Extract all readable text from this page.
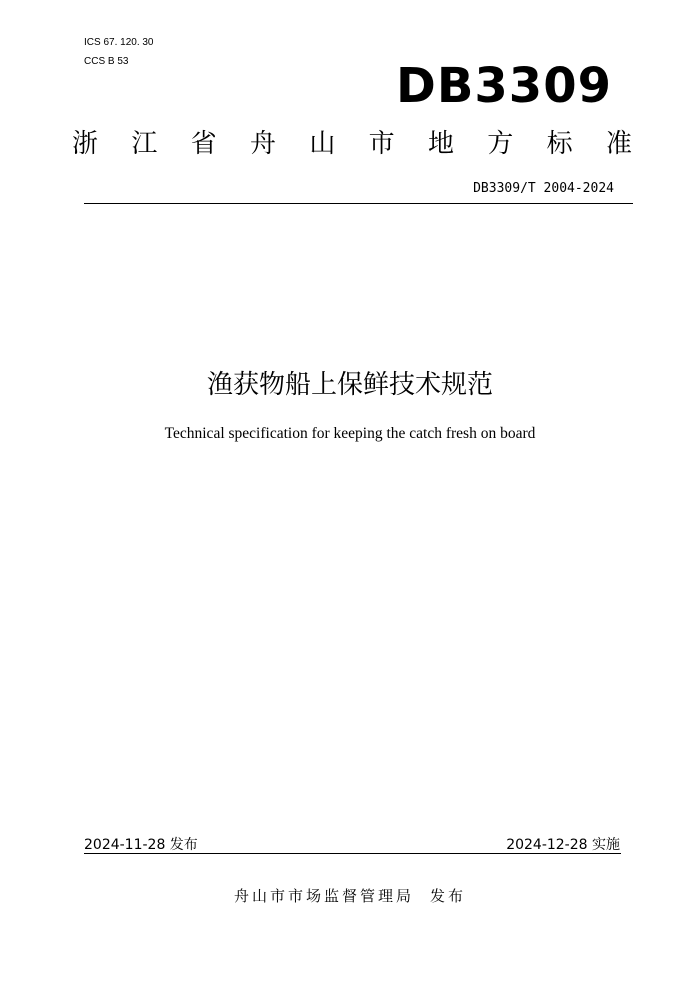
ICS 67. 120. 30
CCS B 53	DB3309
浙 江 省 舟 山 市 地 方 标 准
DB3309/T 2004-2024
渔获物船上保鲜技术规范
Technical specification for keeping the catch fresh on board
2024-11-28 发布	2024-12-28 实施
舟山市市场监督管理局 发布
